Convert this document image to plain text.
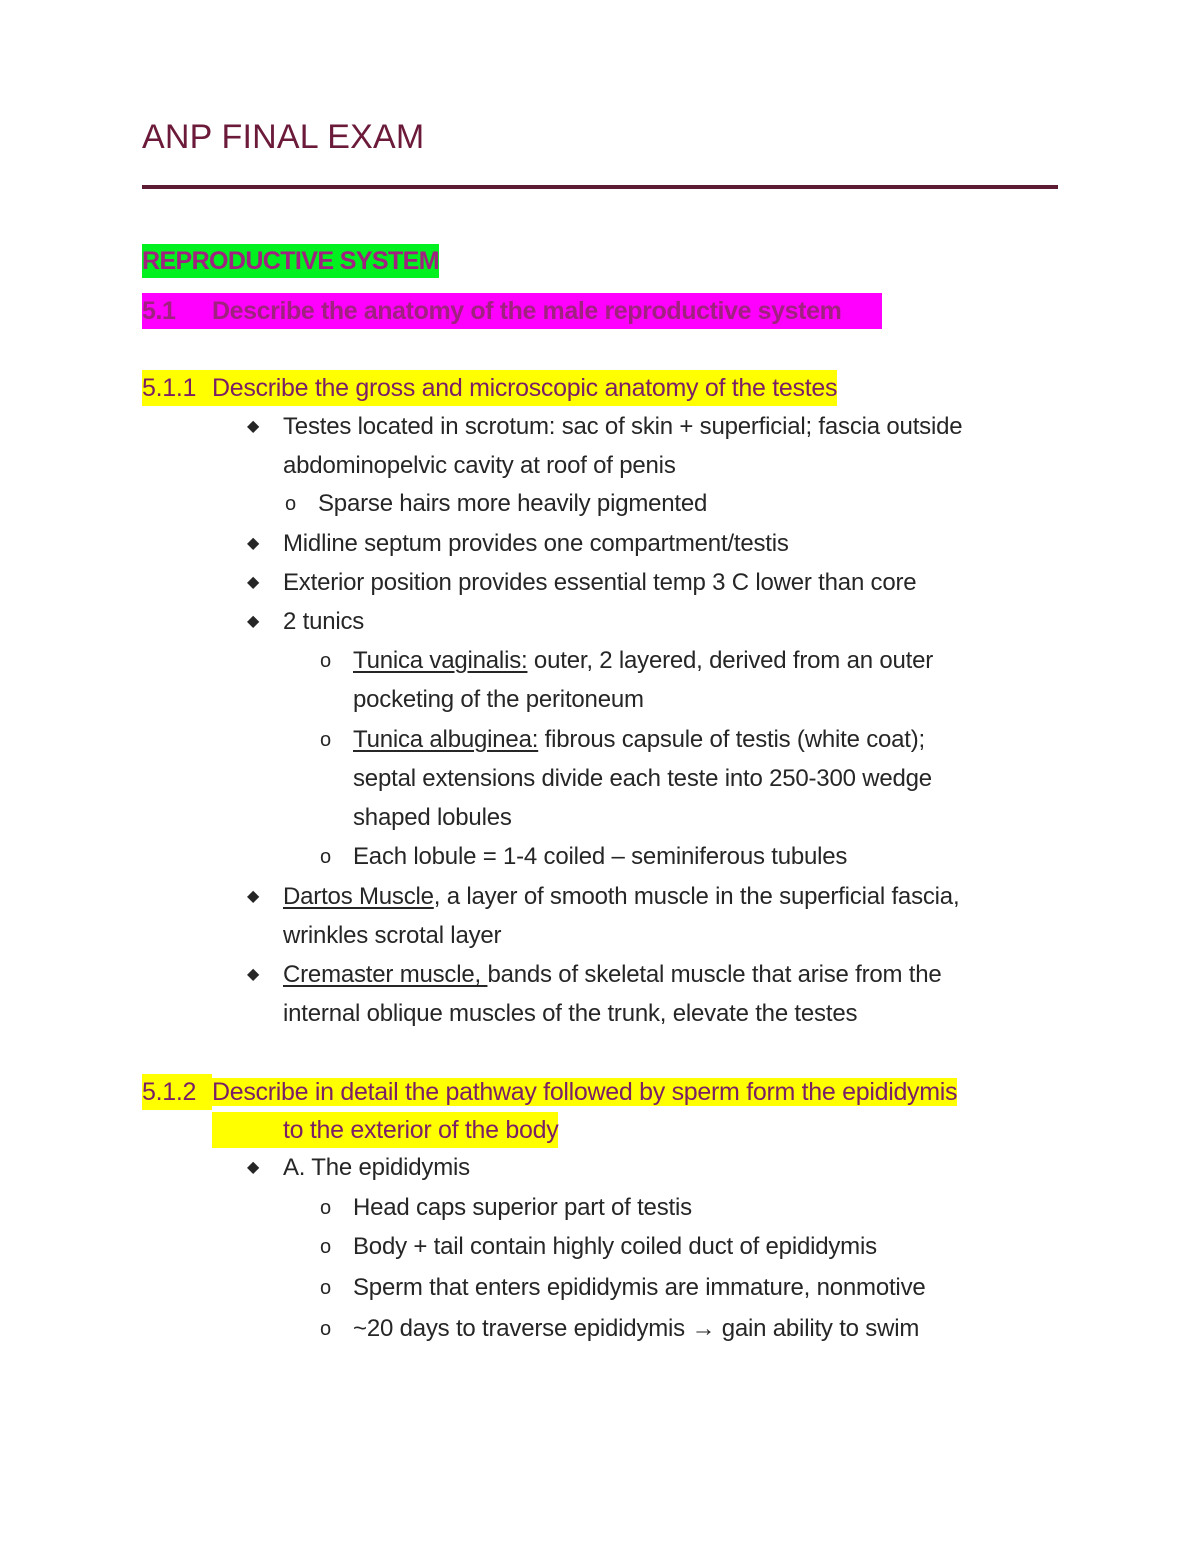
ANP FINAL EXAM
REPRODUCTIVE SYSTEM
5.1 Describe the anatomy of the male reproductive system
5.1.1 Describe the gross and microscopic anatomy of the testes
◆ Testes located in scrotum: sac of skin + superficial; fascia outside
abdominopelvic cavity at roof of penis
o Sparse hairs more heavily pigmented
◆ Midline septum provides one compartment/testis
◆ Exterior position provides essential temp 3 C lower than core
◆ 2 tunics
o Tunica vaginalis: outer, 2 layered, derived from an outer
pocketing of the peritoneum
o Tunica albuginea: fibrous capsule of testis (white coat);
septal extensions divide each teste into 250-300 wedge
shaped lobules
o Each lobule = 1-4 coiled – seminiferous tubules
◆ Dartos Muscle, a layer of smooth muscle in the superficial fascia,
wrinkles scrotal layer
◆ Cremaster muscle, bands of skeletal muscle that arise from the
internal oblique muscles of the trunk, elevate the testes
5.1.2 Describe in detail the pathway followed by sperm form the epididymis
to the exterior of the body
◆ A. The epididymis
o Head caps superior part of testis
o Body + tail contain highly coiled duct of epididymis
o Sperm that enters epididymis are immature, nonmotive
o ~20 days to traverse epididymis → gain ability to swim
